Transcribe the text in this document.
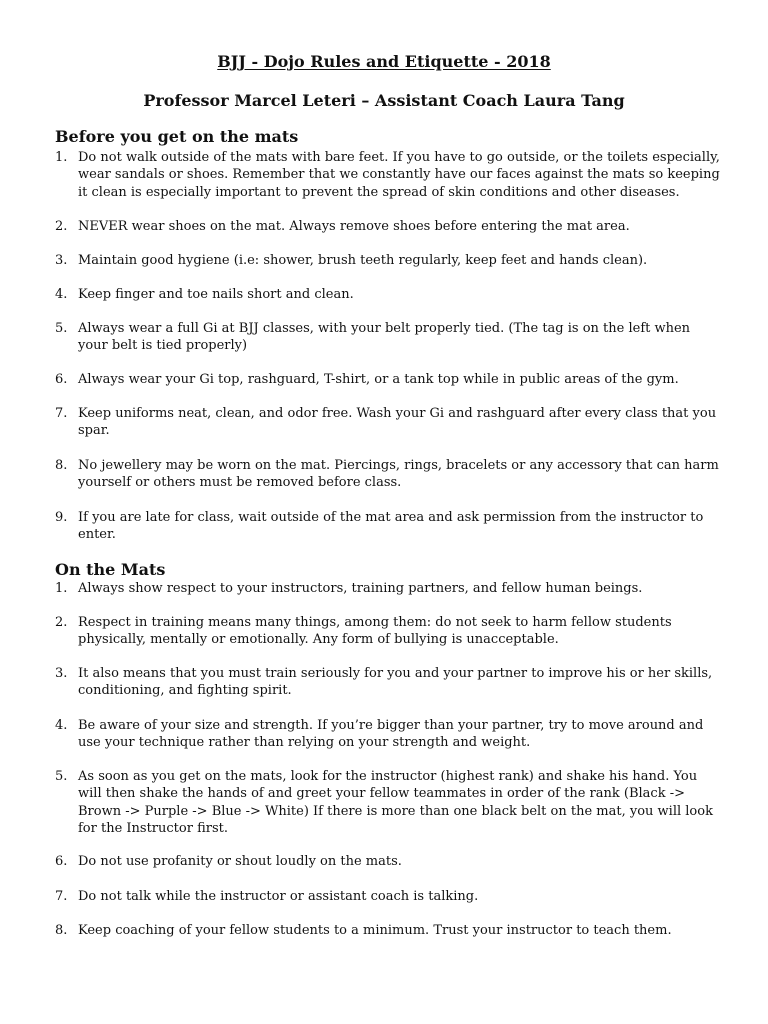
BJJ - Dojo Rules and Etiquette - 2018
Professor Marcel Leteri – Assistant Coach Laura Tang
Before you get on the mats
1. Do not walk outside of the mats with bare feet. If you have to go outside, or the toilets especially, wear sandals or shoes. Remember that we constantly have our faces against the mats so keeping it clean is especially important to prevent the spread of skin conditions and other diseases.
2. NEVER wear shoes on the mat. Always remove shoes before entering the mat area.
3. Maintain good hygiene (i.e: shower, brush teeth regularly, keep feet and hands clean).
4. Keep finger and toe nails short and clean.
5. Always wear a full Gi at BJJ classes, with your belt properly tied. (The tag is on the left when your belt is tied properly)
6. Always wear your Gi top, rashguard, T-shirt, or a tank top while in public areas of the gym.
7. Keep uniforms neat, clean, and odor free. Wash your Gi and rashguard after every class that you spar.
8. No jewellery may be worn on the mat. Piercings, rings, bracelets or any accessory that can harm yourself or others must be removed before class.
9. If you are late for class, wait outside of the mat area and ask permission from the instructor to enter.
On the Mats
1. Always show respect to your instructors, training partners, and fellow human beings.
2. Respect in training means many things, among them: do not seek to harm fellow students physically, mentally or emotionally. Any form of bullying is unacceptable.
3. It also means that you must train seriously for you and your partner to improve his or her skills, conditioning, and fighting spirit.
4. Be aware of your size and strength. If you’re bigger than your partner, try to move around and use your technique rather than relying on your strength and weight.
5. As soon as you get on the mats, look for the instructor (highest rank) and shake his hand. You will then shake the hands of and greet your fellow teammates in order of the rank (Black -> Brown -> Purple -> Blue -> White) If there is more than one black belt on the mat, you will look for the Instructor first.
6. Do not use profanity or shout loudly on the mats.
7. Do not talk while the instructor or assistant coach is talking.
8. Keep coaching of your fellow students to a minimum. Trust your instructor to teach them.
